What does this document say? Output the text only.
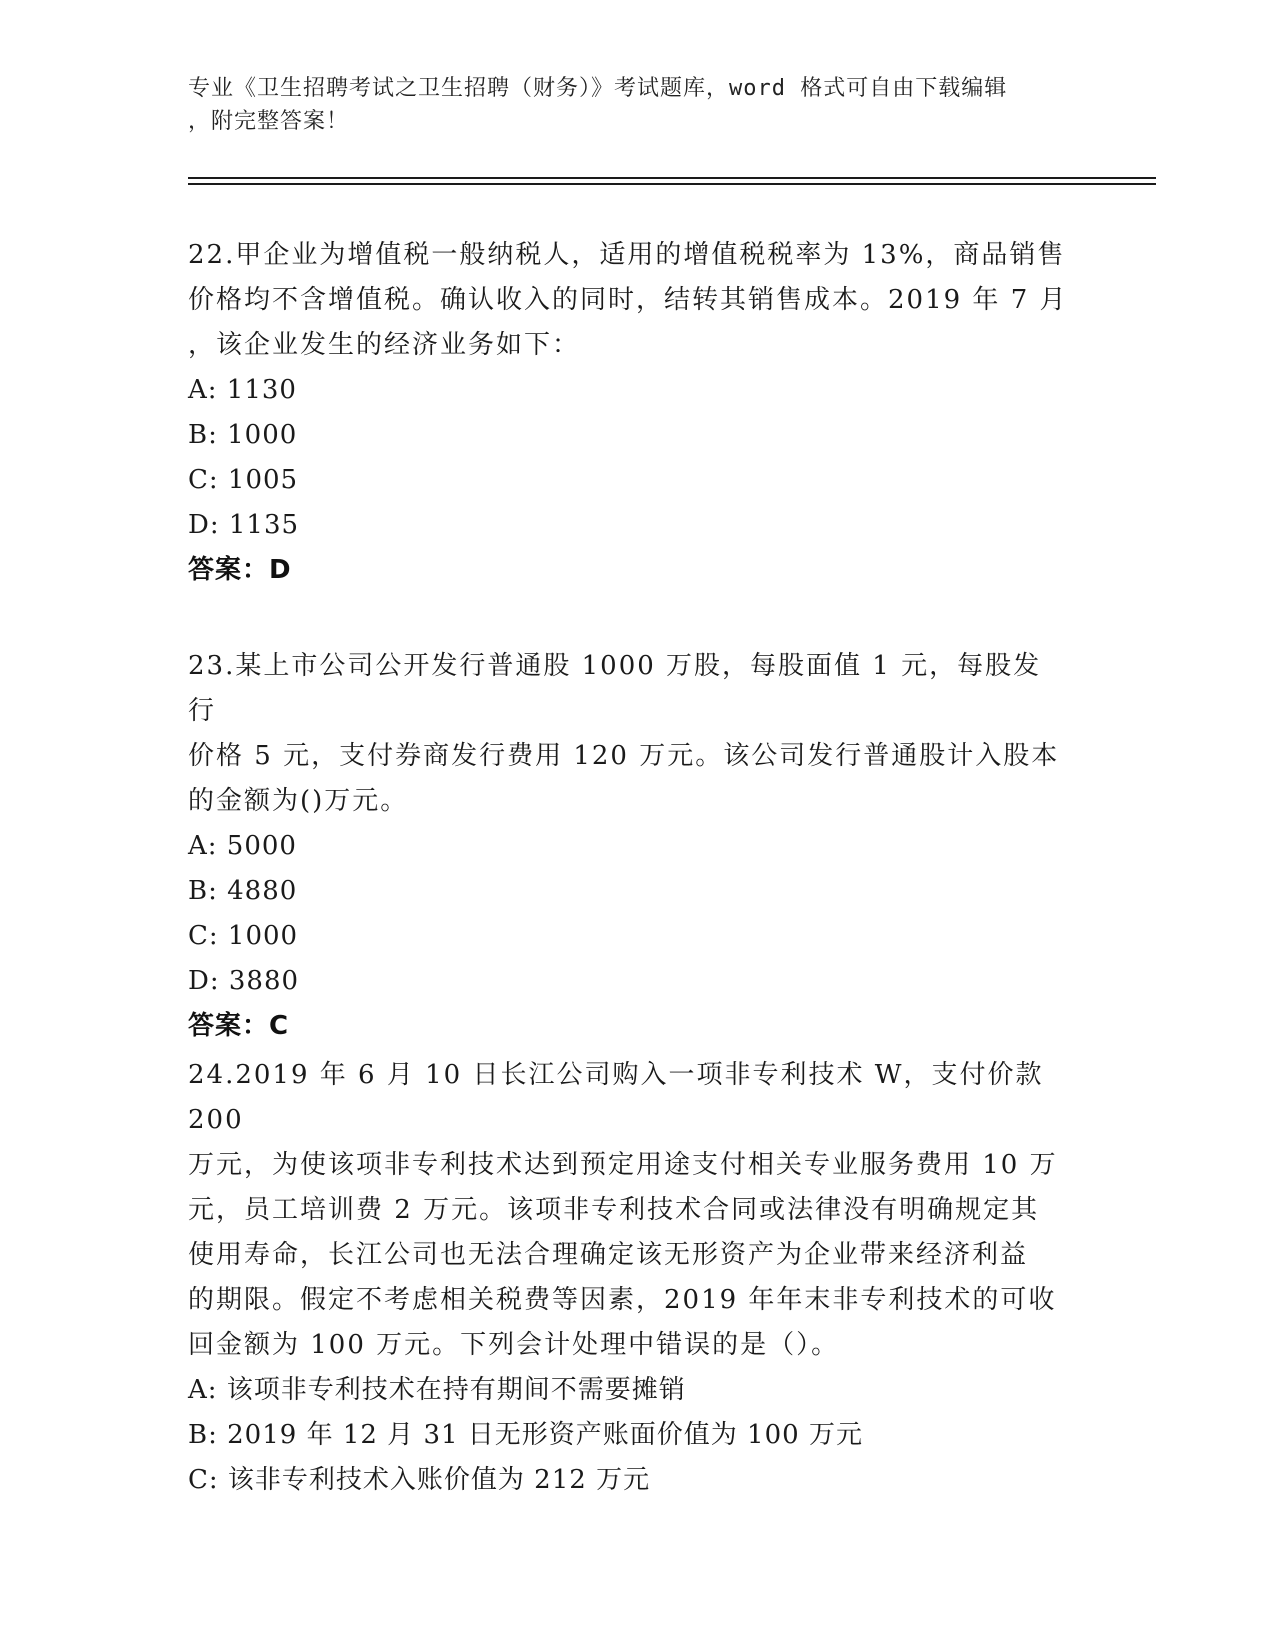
专业《卫生招聘考试之卫生招聘（财务）》考试题库，word 格式可自由下载编辑
，附完整答案！

22.甲企业为增值税一般纳税人，适用的增值税税率为 13%，商品销售
价格均不含增值税。确认收入的同时，结转其销售成本。2019 年 7 月
，该企业发生的经济业务如下：

A: 1130

B: 1000

C: 1005

D: 1135

答案：D

23.某上市公司公开发行普通股 1000 万股，每股面值 1 元，每股发行
价格 5 元，支付券商发行费用 120 万元。该公司发行普通股计入股本
的金额为()万元。

A: 5000

B: 4880

C: 1000

D: 3880

答案：C

24.2019 年 6 月 10 日长江公司购入一项非专利技术 W，支付价款 200
万元，为使该项非专利技术达到预定用途支付相关专业服务费用 10 万
元，员工培训费 2 万元。该项非专利技术合同或法律没有明确规定其
使用寿命，长江公司也无法合理确定该无形资产为企业带来经济利益
的期限。假定不考虑相关税费等因素，2019 年年末非专利技术的可收
回金额为 100 万元。下列会计处理中错误的是（）。

A: 该项非专利技术在持有期间不需要摊销

B: 2019 年 12 月 31 日无形资产账面价值为 100 万元

C: 该非专利技术入账价值为 212 万元
